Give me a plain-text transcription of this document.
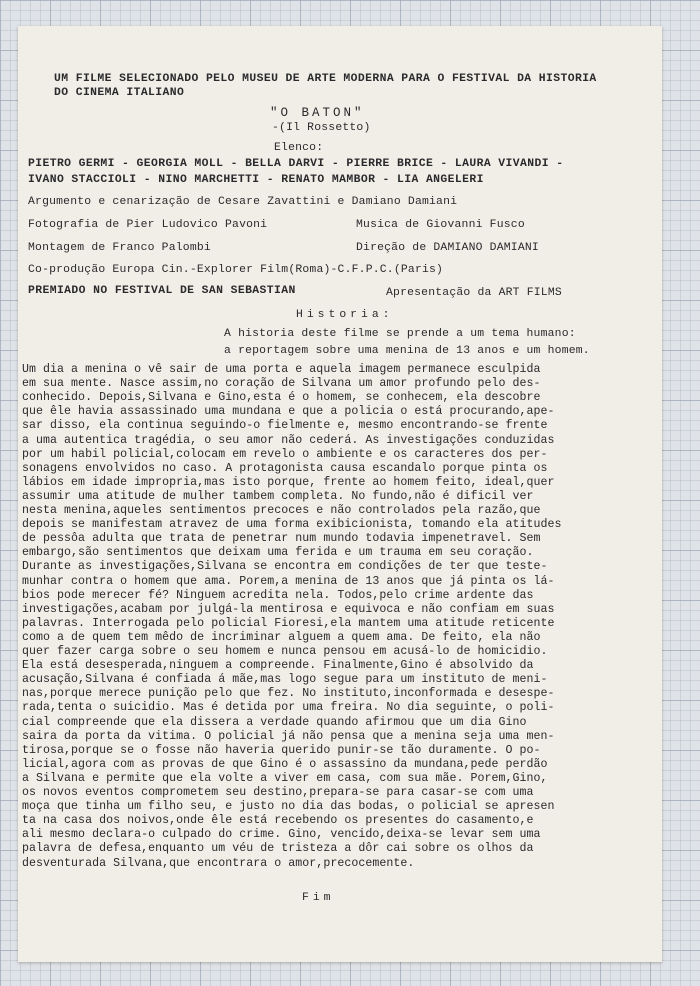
UM FILME SELECIONADO PELO MUSEU DE ARTE MODERNA PARA O FESTIVAL DA HISTORIA
DO CINEMA ITALIANO
"O BATON"
-(Il Rossetto)
Elenco:
PIETRO GERMI - GEORGIA MOLL - BELLA DARVI - PIERRE BRICE - LAURA VIVANDI -
IVANO STACCIOLI - NINO MARCHETTI - RENATO MAMBOR - LIA ANGELERI
Argumento e cenarização de Cesare Zavattini e Damiano Damiani
Fotografia de Pier Ludovico Pavoni	Musica de Giovanni Fusco
Montagem de Franco Palombi	Direção de DAMIANO DAMIANI
Co-produção Europa Cin.-Explorer Film(Roma)-C.F.P.C.(Paris)
PREMIADO NO FESTIVAL DE SAN SEBASTIAN	Apresentação da ART FILMS
Historia:
A historia deste filme se prende a um tema humano:
a reportagem sobre uma menina de 13 anos e um homem.
Um dia a menina o vê sair de uma porta e aquela imagem permanece esculpida
em sua mente. Nasce assim,no coração de Silvana um amor profundo pelo des-
conhecido. Depois,Silvana e Gino,esta é o homem, se conhecem, ela descobre
que êle havia assassinado uma mundana e que a policia o está procurando,ape-
sar disso, ela continua seguindo-o fielmente e, mesmo encontrando-se frente
a uma autentica tragédia, o seu amor não cederá. As investigações conduzidas
por um habil policial,colocam em revelo o ambiente e os caracteres dos per-
sonagens envolvidos no caso. A protagonista causa escandalo porque pinta os
lábios em idade impropria,mas isto porque, frente ao homem feito, ideal,quer
assumir uma atitude de mulher tambem completa. No fundo,não é dificil ver
nesta menina,aqueles sentimentos precoces e não controlados pela razão,que
depois se manifestam atravez de uma forma exibicionista, tomando ela atitudes
de pessôa adulta que trata de penetrar num mundo todavia impenetravel. Sem
embargo,são sentimentos que deixam uma ferida e um trauma em seu coração.
Durante as investigações,Silvana se encontra em condições de ter que teste-
munhar contra o homem que ama. Porem,a menina de 13 anos que já pinta os lá-
bios pode merecer fé? Ninguem acredita nela. Todos,pelo crime ardente das
investigações,acabam por julgá-la mentirosa e equivoca e não confiam em suas
palavras. Interrogada pelo policial Fioresi,ela mantem uma atitude reticente
como a de quem tem mêdo de incriminar alguem a quem ama. De feito, ela não
quer fazer carga sobre o seu homem e nunca pensou em acusá-lo de homicidio.
Ela está desesperada,ninguem a compreende. Finalmente,Gino é absolvido da
acusação,Silvana é confiada á mãe,mas logo segue para um instituto de meni-
nas,porque merece punição pelo que fez. No instituto,inconformada e desespe-
rada,tenta o suicidio. Mas é detida por uma freira. No dia seguinte, o poli-
cial compreende que ela dissera a verdade quando afirmou que um dia Gino
saira da porta da vitima. O policial já não pensa que a menina seja uma men-
tirosa,porque se o fosse não haveria querido punir-se tão duramente. O po-
licial,agora com as provas de que Gino é o assassino da mundana,pede perdão
a Silvana e permite que ela volte a viver em casa, com sua mãe. Porem,Gino,
os novos eventos comprometem seu destino,prepara-se para casar-se com uma
moça que tinha um filho seu, e justo no dia das bodas, o policial se apresen
ta na casa dos noivos,onde êle está recebendo os presentes do casamento,e
ali mesmo declara-o culpado do crime. Gino, vencido,deixa-se levar sem uma
palavra de defesa,enquanto um véu de tristeza a dôr cai sobre os olhos da
desventurada Silvana,que encontrara o amor,precocemente.
Fim
